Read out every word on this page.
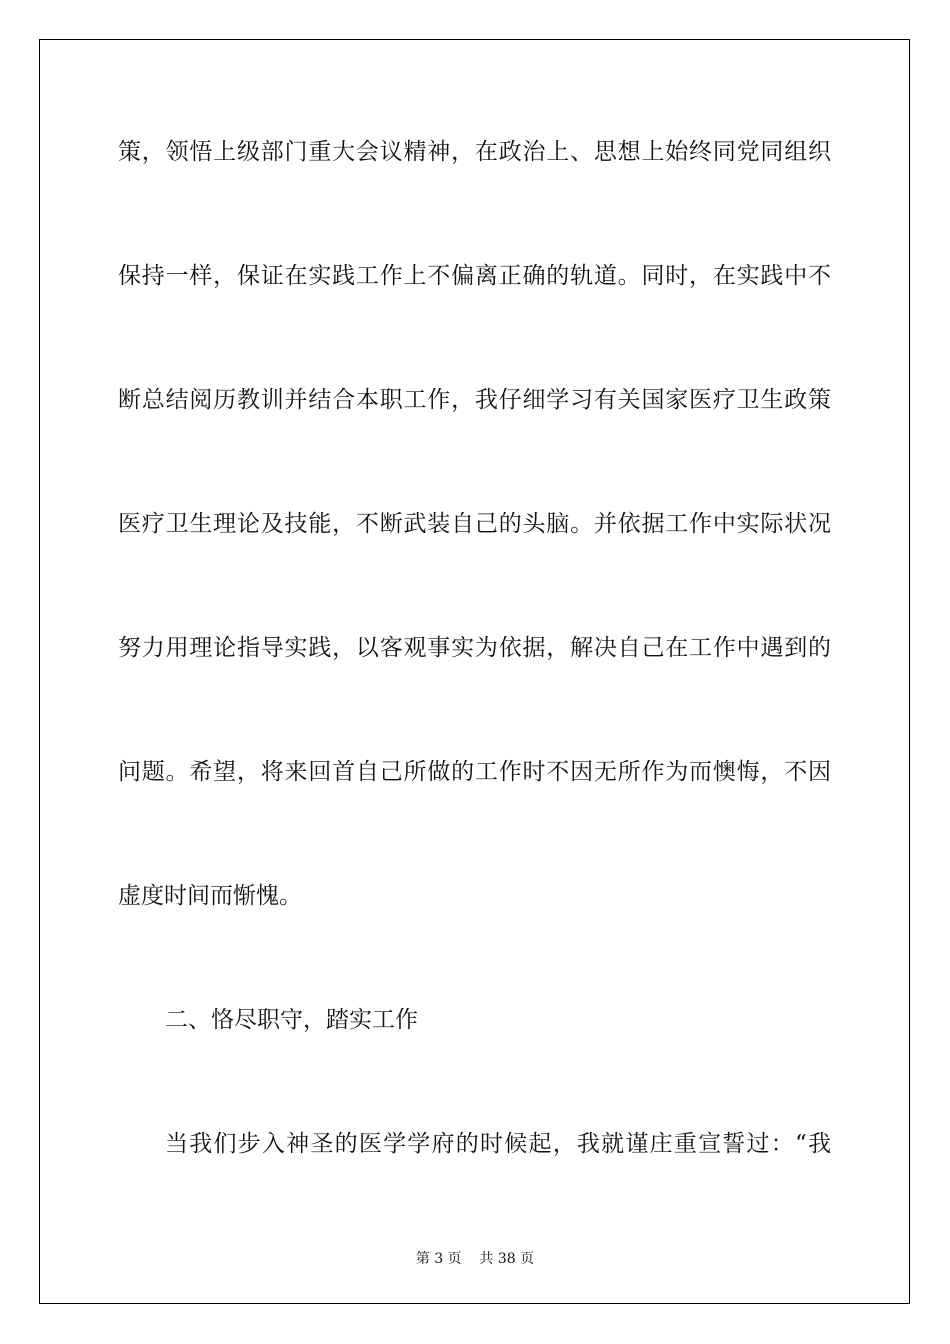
策，领悟上级部门重大会议精神，在政治上、思想上始终同党同组织
保持一样，保证在实践工作上不偏离正确的轨道。同时，在实践中不
断总结阅历教训并结合本职工作，我仔细学习有关国家医疗卫生政策
医疗卫生理论及技能，不断武装自己的头脑。并依据工作中实际状况
努力用理论指导实践，以客观事实为依据，解决自己在工作中遇到的
问题。希望，将来回首自己所做的工作时不因无所作为而懊悔，不因
虚度时间而惭愧。
二、恪尽职守，踏实工作
当我们步入神圣的医学学府的时候起，我就谨庄重宣誓过：“我
第 3 页    共 38 页
